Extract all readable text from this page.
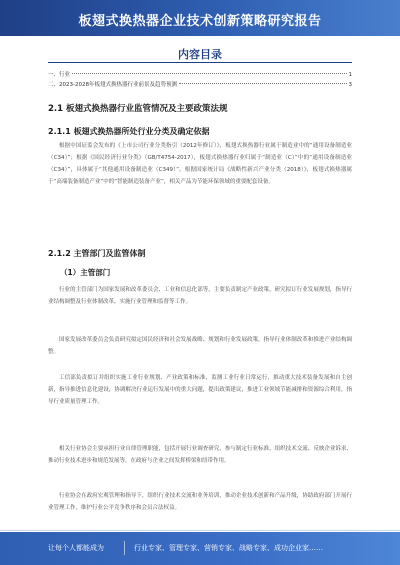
板翅式换热器企业技术创新策略研究报告
内容目录
一、行业	1
二、2023-2028年板翅式换热器行业前景及趋势预测	3
2.1 板翅式换热器行业监管情况及主要政策法规
2.1.1 板翅式换热器所处行业分类及确定依据
根据中国证监会发布的《上市公司行业分类指引（2012年修订）》，板翅式换热器行业属于制造业中的“通用设备制造业（C34）”；根据《国民经济行业分类》（GB/T4754-2017），板翅式换热器行业归属于“制造业（C）”中的“通用设备制造业（C34）”，具体属于“其他通用设备制造业（C349）”。根据国家统计局《战略性新兴产业分类（2018）》，板翅式换热器属于“高端装备制造产业”中的“智能制造装备产业”，相关产品为节能环保领域的重要配套设备。
2.1.2 主管部门及监管体制
（1）主管部门
行业的主管部门为国家发展和改革委员会、工业和信息化部等，主要负责制定产业政策，研究拟订行业发展规划，指导行业结构调整及行业体制改革，实施行业管理和监督等工作。
国家发展改革委员会负责研究拟定国民经济和社会发展战略、规划和行业发展政策，指导行业体制改革和推进产业结构调整。
工信部负责拟订并组织实施工业行业规划、产业政策和标准，监测工业行业日常运行，推动重大技术装备发展和自主创新，指导推进信息化建设，协调解决行业运行发展中的重大问题，提出政策建议，推进工业领域节能减排和资源综合利用，指导行业质量管理工作。
相关行业协会主要承担行业自律管理职能，包括开展行业调查研究、参与制定行业标准、组织技术交流、反映企业诉求、推动行业技术进步和规范发展等，在政府与企业之间发挥桥梁和纽带作用。
行业协会在政府宏观管理和指导下，组织行业技术交流和业务培训，推动企业技术创新和产品升级，协助政府部门开展行业管理工作，维护行业公平竞争秩序和会员合法权益。
让每个人都能成为	行业专家、管理专家、营销专家、战略专家、成功企业家……
